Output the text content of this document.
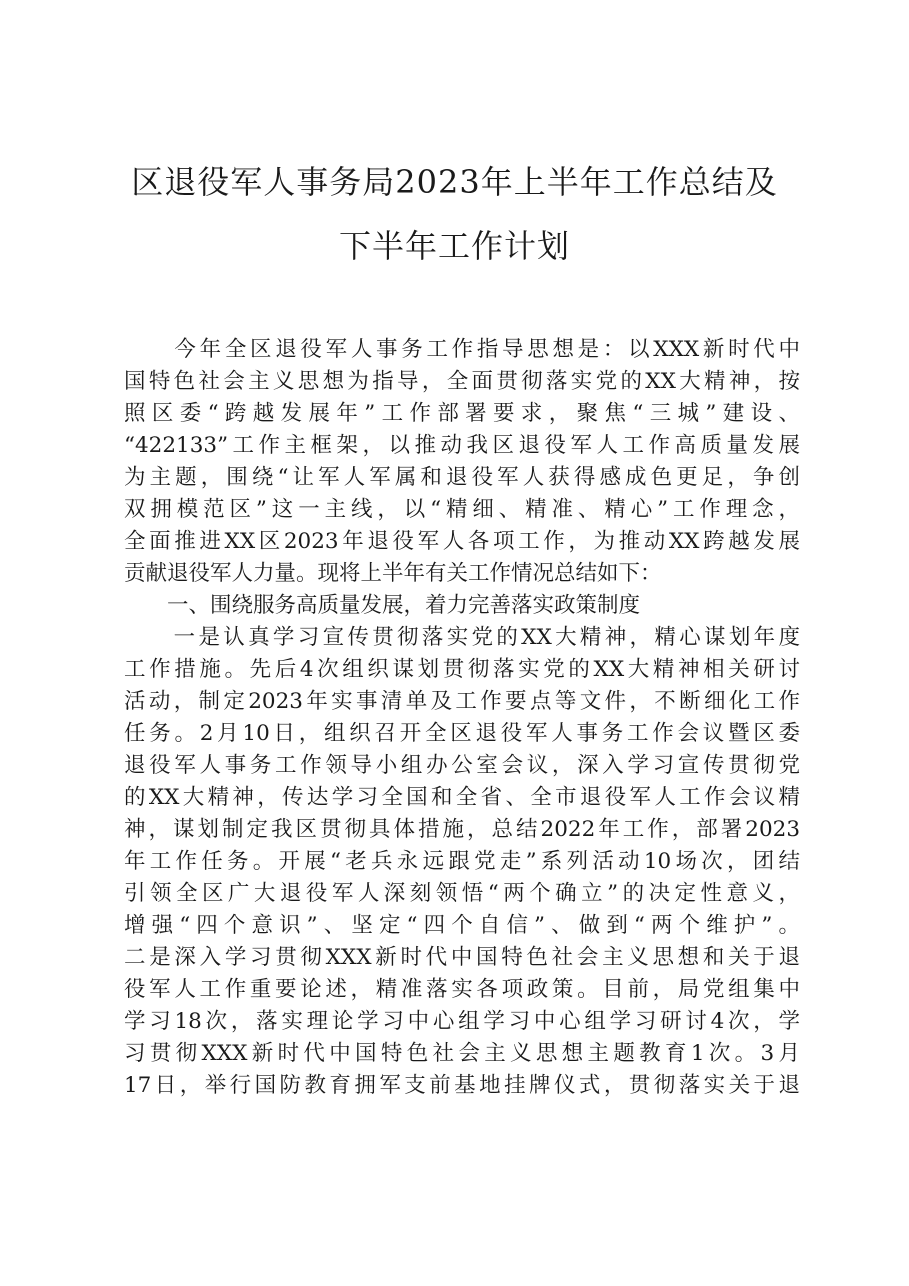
区退役军人事务局2023年上半年工作总结及
下半年工作计划
　　今年全区退役军人事务工作指导思想是：以XXX新时代中
国特色社会主义思想为指导，全面贯彻落实党的XX大精神，按
照区委“跨越发展年”工作部署要求，聚焦“三城”建设、
“422133”工作主框架，以推动我区退役军人工作高质量发展
为主题，围绕“让军人军属和退役军人获得感成色更足，争创
双拥模范区”这一主线，以“精细、精准、精心”工作理念，
全面推进XX区2023年退役军人各项工作，为推动XX跨越发展
贡献退役军人力量。现将上半年有关工作情况总结如下：
　　一、围绕服务高质量发展，着力完善落实政策制度
　　一是认真学习宣传贯彻落实党的XX大精神，精心谋划年度
工作措施。先后4次组织谋划贯彻落实党的XX大精神相关研讨
活动，制定2023年实事清单及工作要点等文件，不断细化工作
任务。2月10日，组织召开全区退役军人事务工作会议暨区委
退役军人事务工作领导小组办公室会议，深入学习宣传贯彻党
的XX大精神，传达学习全国和全省、全市退役军人工作会议精
神，谋划制定我区贯彻具体措施，总结2022年工作，部署2023
年工作任务。开展“老兵永远跟党走”系列活动10场次，团结
引领全区广大退役军人深刻领悟“两个确立”的决定性意义，
增强“四个意识”、坚定“四个自信”、做到“两个维护”。
二是深入学习贯彻XXX新时代中国特色社会主义思想和关于退
役军人工作重要论述，精准落实各项政策。目前，局党组集中
学习18次，落实理论学习中心组学习中心组学习研讨4次，学
习贯彻XXX新时代中国特色社会主义思想主题教育1次。3月
17日，举行国防教育拥军支前基地挂牌仪式，贯彻落实关于退
